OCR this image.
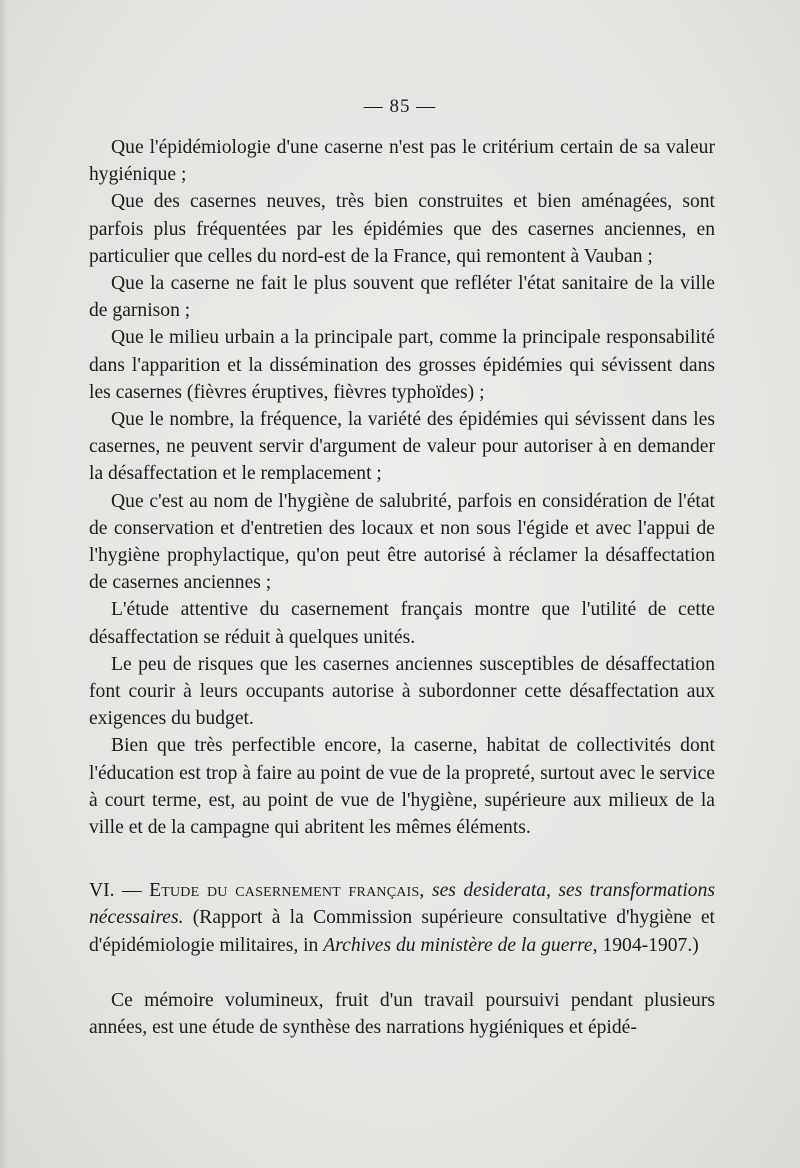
— 85 —

Que l'épidémiologie d'une caserne n'est pas le critérium certain de sa valeur hygiénique ;

Que des casernes neuves, très bien construites et bien aménagées, sont parfois plus fréquentées par les épidémies que des casernes anciennes, en particulier que celles du nord-est de la France, qui remontent à Vauban ;

Que la caserne ne fait le plus souvent que refléter l'état sanitaire de la ville de garnison ;

Que le milieu urbain a la principale part, comme la principale responsabilité dans l'apparition et la dissémination des grosses épidémies qui sévissent dans les casernes (fièvres éruptives, fièvres typhoïdes) ;

Que le nombre, la fréquence, la variété des épidémies qui sévissent dans les casernes, ne peuvent servir d'argument de valeur pour autoriser à en demander la désaffectation et le remplacement ;

Que c'est au nom de l'hygiène de salubrité, parfois en considération de l'état de conservation et d'entretien des locaux et non sous l'égide et avec l'appui de l'hygiène prophylactique, qu'on peut être autorisé à réclamer la désaffectation de casernes anciennes ;

L'étude attentive du casernement français montre que l'utilité de cette désaffectation se réduit à quelques unités.

Le peu de risques que les casernes anciennes susceptibles de désaffectation font courir à leurs occupants autorise à subordonner cette désaffectation aux exigences du budget.

Bien que très perfectible encore, la caserne, habitat de collectivités dont l'éducation est trop à faire au point de vue de la propreté, surtout avec le service à court terme, est, au point de vue de l'hygiène, supérieure aux milieux de la ville et de la campagne qui abritent les mêmes éléments.

VI. — Etude du casernement français, ses desiderata, ses transformations nécessaires. (Rapport à la Commission supérieure consultative d'hygiène et d'épidémiologie militaires, in Archives du ministère de la guerre, 1904-1907.)

Ce mémoire volumineux, fruit d'un travail poursuivi pendant plusieurs années, est une étude de synthèse des narrations hygiéniques et épidé-
